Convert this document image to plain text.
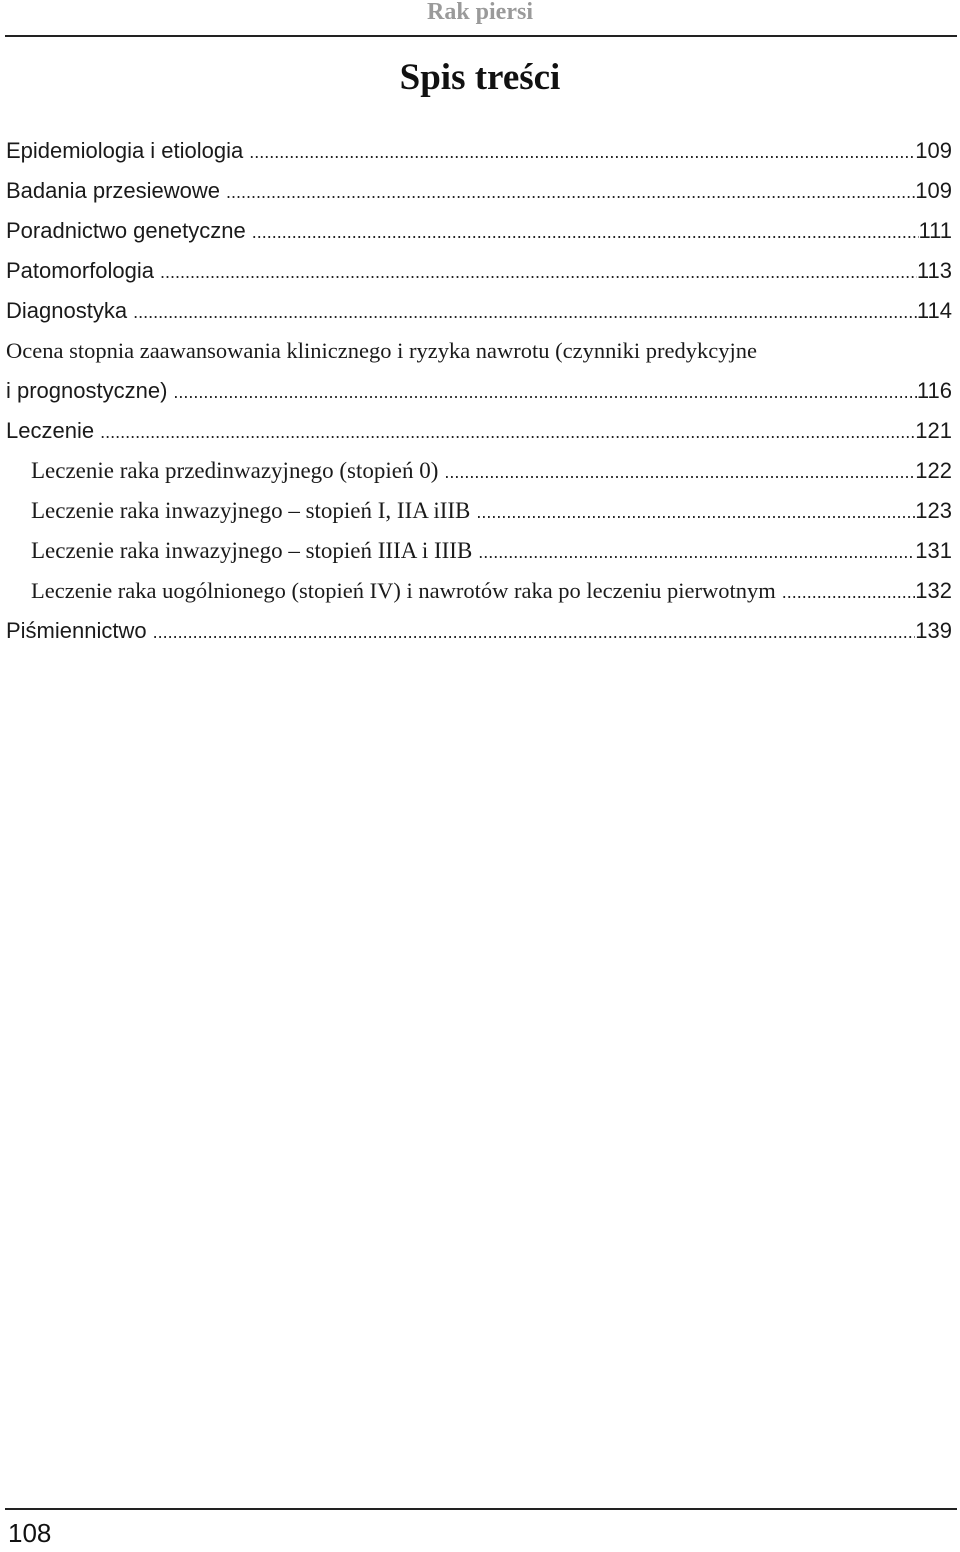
Rak piersi
Spis treści
Epidemiologia i etiologia .....	109
Badania przesiewowe .....	109
Poradnictwo genetyczne .....	111
Patomorfologia .....	113
Diagnostyka .....	114
Ocena stopnia zaawansowania klinicznego i ryzyka nawrotu (czynniki predykcyjne
i prognostyczne) .....	116
Leczenie .....	121
Leczenie raka przedinwazyjnego (stopień 0) .....	122
Leczenie raka inwazyjnego – stopień I, IIA iIIB .....	123
Leczenie raka inwazyjnego – stopień IIIA i IIIB .....	131
Leczenie raka uogólnionego (stopień IV) i nawrotów raka po leczeniu pierwotnym .....	132
Piśmiennictwo .....	139
108
